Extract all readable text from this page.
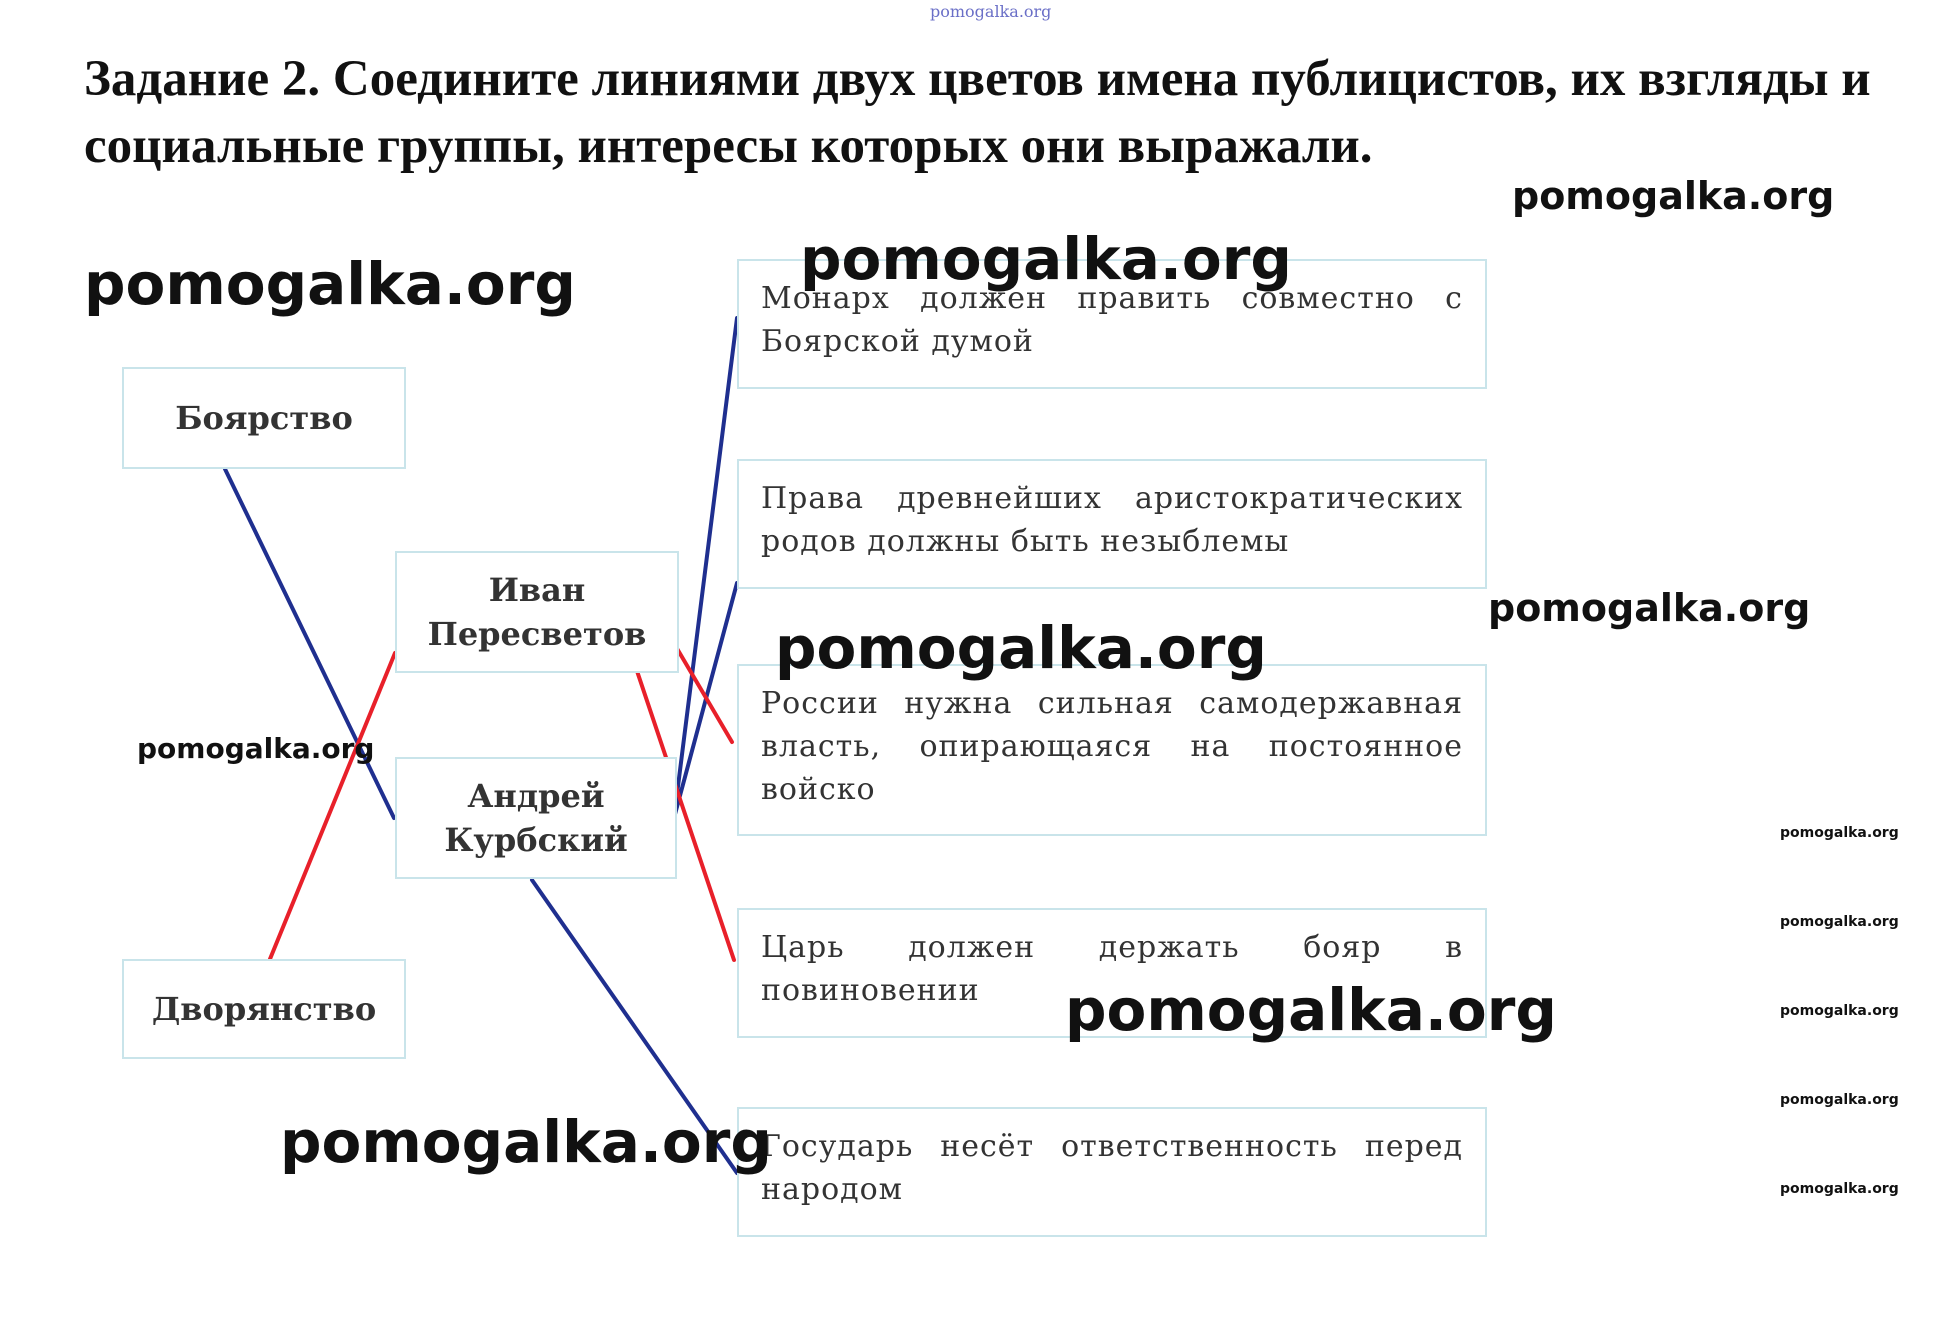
pomogalka.org
Задание 2. Соедините линиями двух цветов имена публицистов, их взгляды и социальные группы, интересы которых они выражали.
Боярство
Дворянство
Иван Пересветов
Андрей Курбский
Монарх должен править совместно с Боярской думой
Права древнейших аристократических родов должны быть незыблемы
России нужна сильная самодержавная власть, опирающаяся на постоянное войско
Царь должен держать бояр в повиновении
Государь несёт ответственность перед народом
pomogalka.org
pomogalka.org	pomogalka.org
pomogalka.org
pomogalka.org
pomogalka.org
pomogalka.org
pomogalka.org
pomogalka.org
pomogalka.org
pomogalka.org
pomogalka.org
pomogalka.org
